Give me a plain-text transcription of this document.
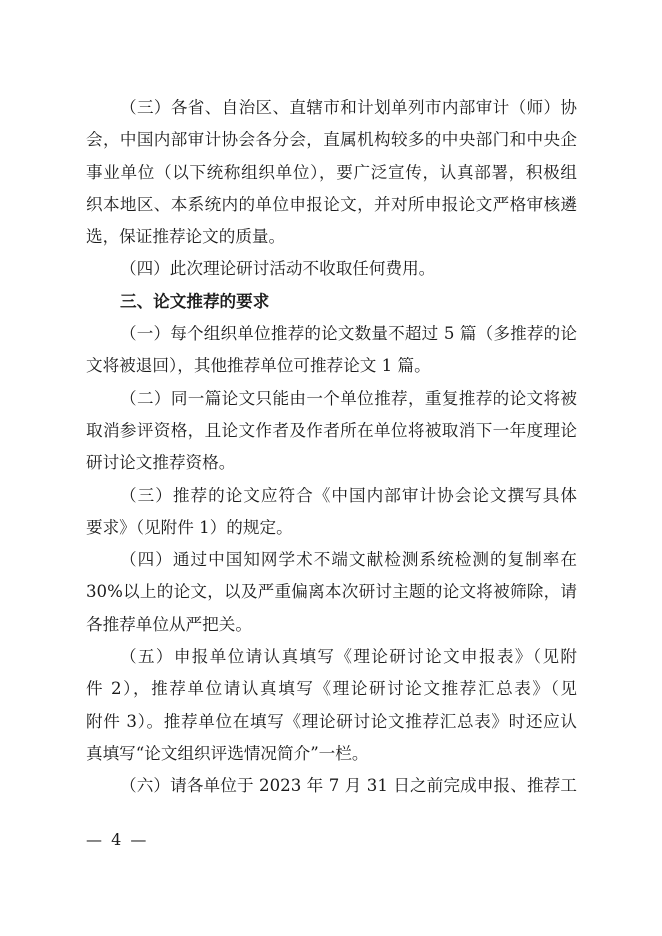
（三）各省、自治区、直辖市和计划单列市内部审计（师）协
会，中国内部审计协会各分会，直属机构较多的中央部门和中央企
事业单位（以下统称组织单位），要广泛宣传，认真部署，积极组
织本地区、本系统内的单位申报论文，并对所申报论文严格审核遴
选，保证推荐论文的质量。
（四）此次理论研讨活动不收取任何费用。
三、论文推荐的要求
（一）每个组织单位推荐的论文数量不超过 5 篇（多推荐的论
文将被退回），其他推荐单位可推荐论文 1 篇。
（二）同一篇论文只能由一个单位推荐，重复推荐的论文将被
取消参评资格，且论文作者及作者所在单位将被取消下一年度理论
研讨论文推荐资格。
（三）推荐的论文应符合《中国内部审计协会论文撰写具体
要求》（见附件 1）的规定。
（四）通过中国知网学术不端文献检测系统检测的复制率在
30%以上的论文，以及严重偏离本次研讨主题的论文将被筛除，请
各推荐单位从严把关。
（五）申报单位请认真填写《理论研讨论文申报表》（见附
件 2），推荐单位请认真填写《理论研讨论文推荐汇总表》（见
附件 3）。推荐单位在填写《理论研讨论文推荐汇总表》时还应认
真填写“论文组织评选情况简介”一栏。
（六）请各单位于 2023 年 7 月 31 日之前完成申报、推荐工
— 4 —
